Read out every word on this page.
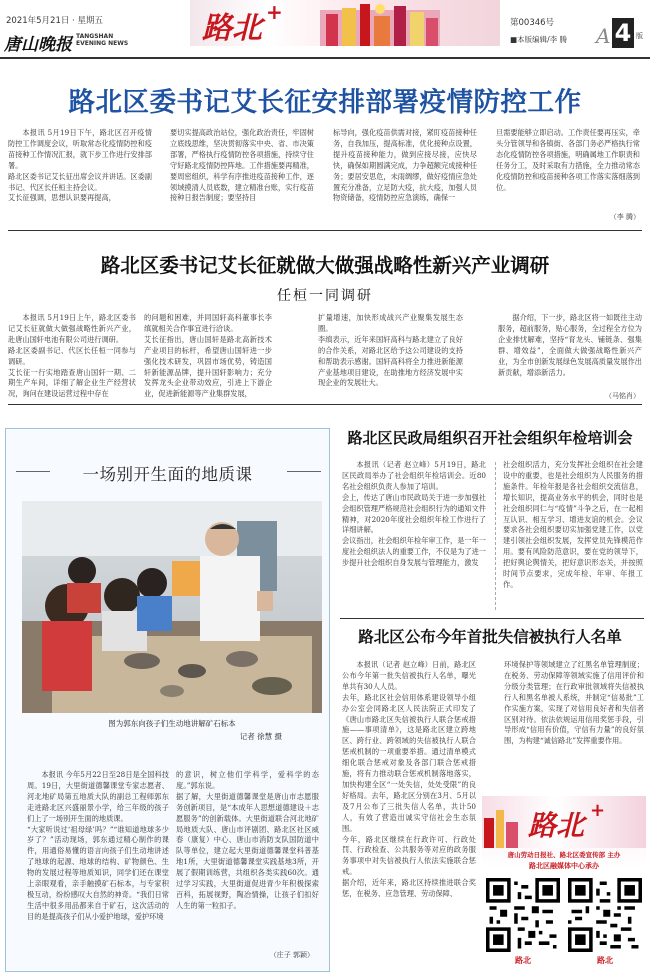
2021年5月21日 · 星期五
唐山晚报 TANGSHAN EVENING NEWS 路北 +	第00346号
■本版编辑/李 腾 A 4 版
路北区委书记艾长征安排部署疫情防控工作
本报讯 5月19日下午，路北区召开疫情防控工作调度会议，听取常态化疫情防控和疫苗接种工作情况汇报，就下步工作进行安排部署。
路北区委书记艾长征出席会议并讲话。区委副书记、代区长任桓主持会议。
艾长征强调，思想认识要再提高，
要切实提高政治站位，强化政治责任，牢固树立底线思维，坚决贯彻落实中央、省、市决策部署，严格执行疫情防控各项措施，持续守住守好路北疫情防控阵地。工作措施要再精准，要周密组织，科学有序推进疫苗接种工作，逐领域摸清人员底数，建立精准台账，实行疫苗接种日报告制度；要坚持目
标导向，强化疫苗供需对接，紧盯疫苗接种任务，自我加压，提高标准，优化接种点设置，提升疫苗接种能力，做到应接尽接，应快尽快，确保如期圆满完成，力争超额完成接种任务；要居安思危，未雨绸缪，做好疫情应急处置充分准备，立足防大疫，抗大疫，加强人员物资储备，疫情防控应急演练，确保一
旦需要能够立即启动。工作责任要再压实，牵头分管领导和各镇街、各部门务必严格执行常态化疫情防控各项措施，明确属地工作职责和任务分工，及时采取有力措施，全力推动常态化疫情防控和疫苗接种各项工作落实落细落到位。
（李 腾）
路北区委书记艾长征就做大做强战略性新兴产业调研
任桓一同调研
本报讯 5月19日上午，路北区委书记艾长征就做大做强战略性新兴产业，赴唐山国轩电池有限公司进行调研。
路北区委副书记、代区长任桓一同参与调研。
艾长征一行实地踏查唐山国轩一期、二期生产车间，详细了解企业生产经营状况，询问在建设运营过程中存在
的问题和困难，并同国轩高科董事长李缜就相关合作事宜进行洽谈。
艾长征指出，唐山国轩是路北高新技术产业项目的标杆，希望唐山国轩进一步强化技术研发，巩固市场优势，铸造国轩新能源品牌，提升国轩影响力；充分发挥龙头企业带动效应，引进上下游企业，促进新能源等产业集群发展，
扩量增速，加快形成战兴产业聚集发展生态圈。
李缜表示，近年来国轩高科与路北建立了良好的合作关系，对路北区给予这公司建设的支持和帮助表示感谢。国轩高科将全力推进新能源产业基地项目建设，在助推地方经济发展中实现企业的发展壮大。
据介绍，下一步，路北区将一如既往主动服务，超前服务，贴心服务，全过程全方位为企业排忧解难，坚持“育龙头、铺链条、强集群、增效益”，全面做大做强战略性新兴产业，为全市创新发展绿色发展高质量发展作出新贡献，增添新活力。
（马铭肖）
一场别开生面的地质课
图为郭东向孩子们生动地讲解矿石标本
记者 徐慧 摄
本报讯 今年5月22日至28日是全国科技周。19日，大里街道德馨课堂专家志愿者、河北地矿局第五地质大队的副总工程师郭东走进路北区兴盛丽景小学，给三年级的孩子们上了一场别开生面的地质课。
“大家听说过‘祖母绿’吗？”“谁知道地球多少岁了？”活动现场，郭东通过精心制作的课件，用通俗易懂的语言向孩子们生动地讲述了地球的起源、地球的结构、矿物颜色、生物的发展过程等地质知识，同学们还在课堂上亲眼观看，亲手触摸矿石标本，与专家积极互动，纷纷感叹大自然的神奇。“我们日常生活中很多用品都来自于矿石，这次活动的目的是提高孩子们从小爱护地球，爱护环境
的意识，树立他们学科学，爱科学的态度。”郭东说。
据了解，大里街道德馨课堂是唐山市志愿服务创新项目，是“本成年人思想道德建设＋志愿服务”的创新载体。大里街道联合河北地矿局地质大队、唐山市评剧团、路北区社区威春（康复）中心、唐山市消防支队国防道中队等单位，建立起大里街道德馨课堂科普基地1所，大里街道德馨课堂实践基地3所，开展了假期训练营，共组织各类实践60次。通过学习实践，大里街道促进青少年积极探索百科，拓展视野，陶冶情操，让孩子们扣好人生的第一粒扣子。
（庄子 郭颖）
路北区民政局组织召开社会组织年检培训会
本报讯（记者 赵立峰）5月19日，路北区民政局举办了社会组织年检培训会。近80名社会组织负责人参加了培训。
会上，传达了唐山市民政局关于进一步加强社会组织管理严格规范社会组织行为的通知文件精神，对2020年度社会组织年检工作进行了详细讲解。
会议指出，社会组织年检年审工作，是一年一度社会组织法人的重要工作，不仅是为了进一步提升社会组织自身发展与管理能力，激发
社会组织活力，充分发挥社会组织在社会建设中的重要，也是社会组织为人民服务的措施条件。年检年报是各社会组织交流信息，增长知识，提高业务水平的机会，同时也是社会组织同仁与“疫情”斗争之后，在一起相互认识、相互学习、增进友谊的机会。会议要求各社会组织要切实加强党建工作，以党建引领社会组织发展，发挥党员先锋模范作用。要有风险防范意识，要在党的领导下，把好舆论舆情关，把好意识形态关，并按照时间节点要求，完成年检、年审、年报工作。
路北区公布今年首批失信被执行人名单
本报讯（记者 赵立峰）日前，路北区公布今年第一批失信被执行人名单，曝光单共有30人人员。
去年，路北区社会信用体系建设领导小组办公室会同路北区人民法院正式印发了《唐山市路北区失信被执行人联合惩戒措施——事项清单》，这是路北区建立跨地区、跨行业、跨领域的失信被执行人联合惩戒机制的一项重要举措。通过清单模式细化联合惩戒对象及各部门联合惩戒措施，将有力推动联合惩戒机制落地落实，加快构建全区“一处失信，处处受限”的良好格局。去年，路北区分别在3月、5月以及7月公布了三批失信人名单，共计50人，有效了营造出诚实守信社会生态氛围。
今年，路北区继续在行政许可、行政处罚、行政检查、公共服务等对应的政务服务事项中对失信被执行人依法实施联合惩戒。
据介绍，近年来，路北区持续推进联合奖惩，在税务、应急管理、劳动保障、
环境保护等领域建立了红黑名单管理制度；在税务、劳动保障等领域实施了信用评价和分级分类管理；在行政审批领域将失信被执行人和黑名单被人系统，并制定“信易批”工作实施方案，实现了对信用良好者和失信者区别对待。依法依规运用信用奖惩手段，引导形成“信用有价值，守信有力量”的良好氛围，为构建“诚信路北”发挥重要作用。
路北 +
唐山劳动日报社、路北区委宣传部 主办
路北区融媒体中心承办
路北	路北
